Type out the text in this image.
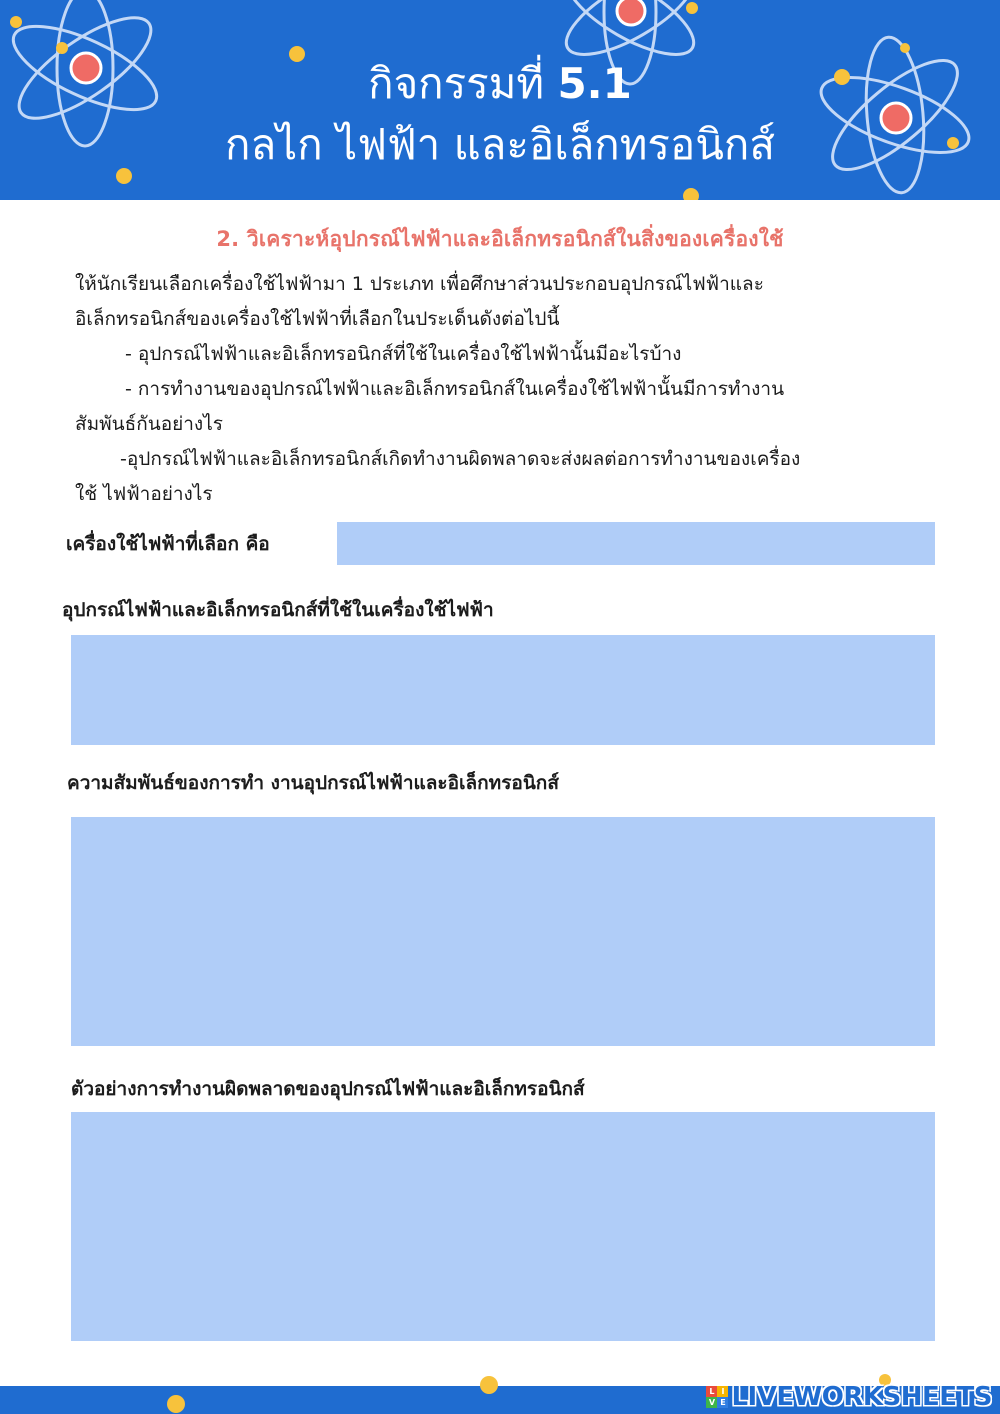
กิจกรรมที่ 5.1
กลไก ไฟฟ้า และอิเล็กทรอนิกส์
2. วิเคราะห์อุปกรณ์ไฟฟ้าและอิเล็กทรอนิกส์ในสิ่งของเครื่องใช้

ให้นักเรียนเลือกเครื่องใช้ไฟฟ้ามา 1 ประเภท เพื่อศึกษาส่วนประกอบอุปกรณ์ไฟฟ้าและ

อิเล็กทรอนิกส์ของเครื่องใช้ไฟฟ้าที่เลือกในประเด็นดังต่อไปนี้

- อุปกรณ์ไฟฟ้าและอิเล็กทรอนิกส์ที่ใช้ในเครื่องใช้ไฟฟ้านั้นมีอะไรบ้าง

- การทำงานของอุปกรณ์ไฟฟ้าและอิเล็กทรอนิกส์ในเครื่องใช้ไฟฟ้านั้นมีการทำงาน

สัมพันธ์กันอย่างไร

-อุปกรณ์ไฟฟ้าและอิเล็กทรอนิกส์เกิดทำงานผิดพลาดจะส่งผลต่อการทำงานของเครื่อง

ใช้ ไฟฟ้าอย่างไร

เครื่องใช้ไฟฟ้าที่เลือก คือ
อุปกรณ์ไฟฟ้าและอิเล็กทรอนิกส์ที่ใช้ในเครื่องใช้ไฟฟ้า
ความสัมพันธ์ของการทำ งานอุปกรณ์ไฟฟ้าและอิเล็กทรอนิกส์
ตัวอย่างการทำงานผิดพลาดของอุปกรณ์ไฟฟ้าและอิเล็กทรอนิกส์
L I
V E LIVEWORKSHEETS
